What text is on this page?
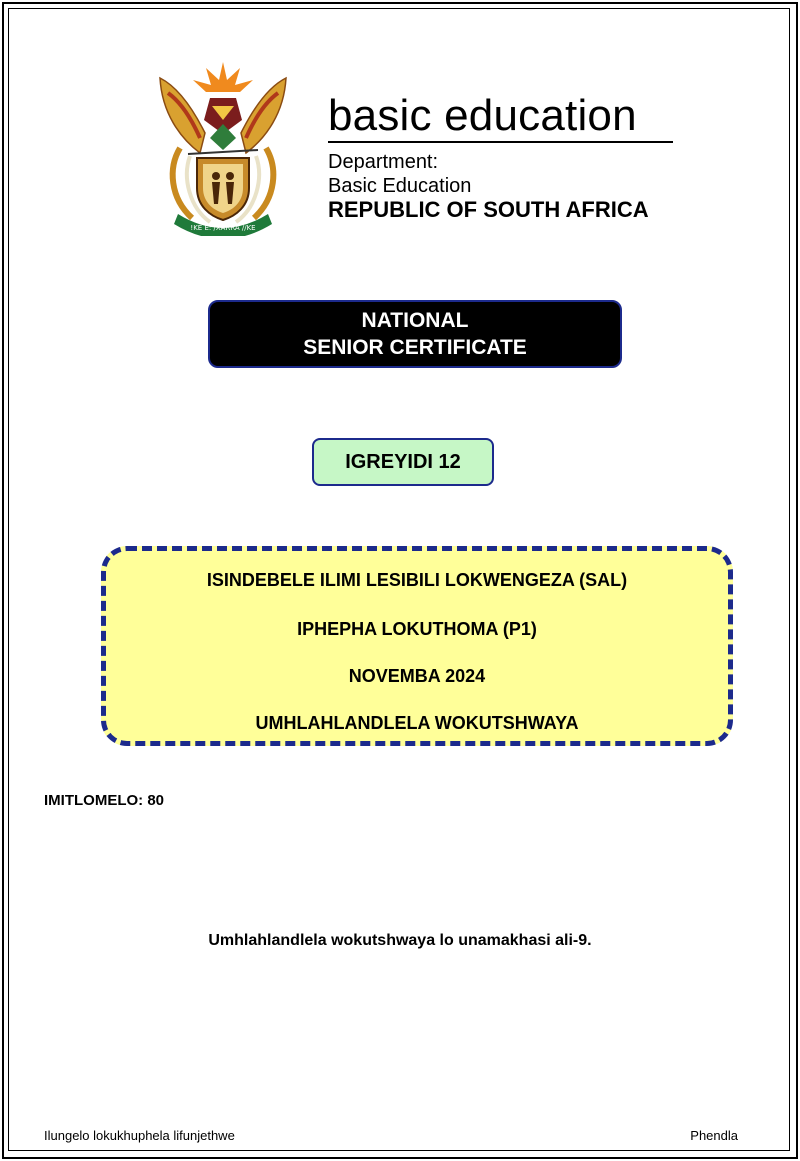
!KE E: /XARRA //KE
basic education
Department:
Basic Education
REPUBLIC OF SOUTH AFRICA
NATIONAL
SENIOR CERTIFICATE
IGREYIDI 12
ISINDEBELE ILIMI LESIBILI LOKWENGEZA (SAL)
IPHEPHA LOKUTHOMA (P1)
NOVEMBA 2024
UMHLAHLANDLELA WOKUTSHWAYA
IMITLOMELO: 80
Umhlahlandlela wokutshwaya lo unamakhasi ali-9.
Ilungelo lokukhuphela lifunjethwe	Phendla
